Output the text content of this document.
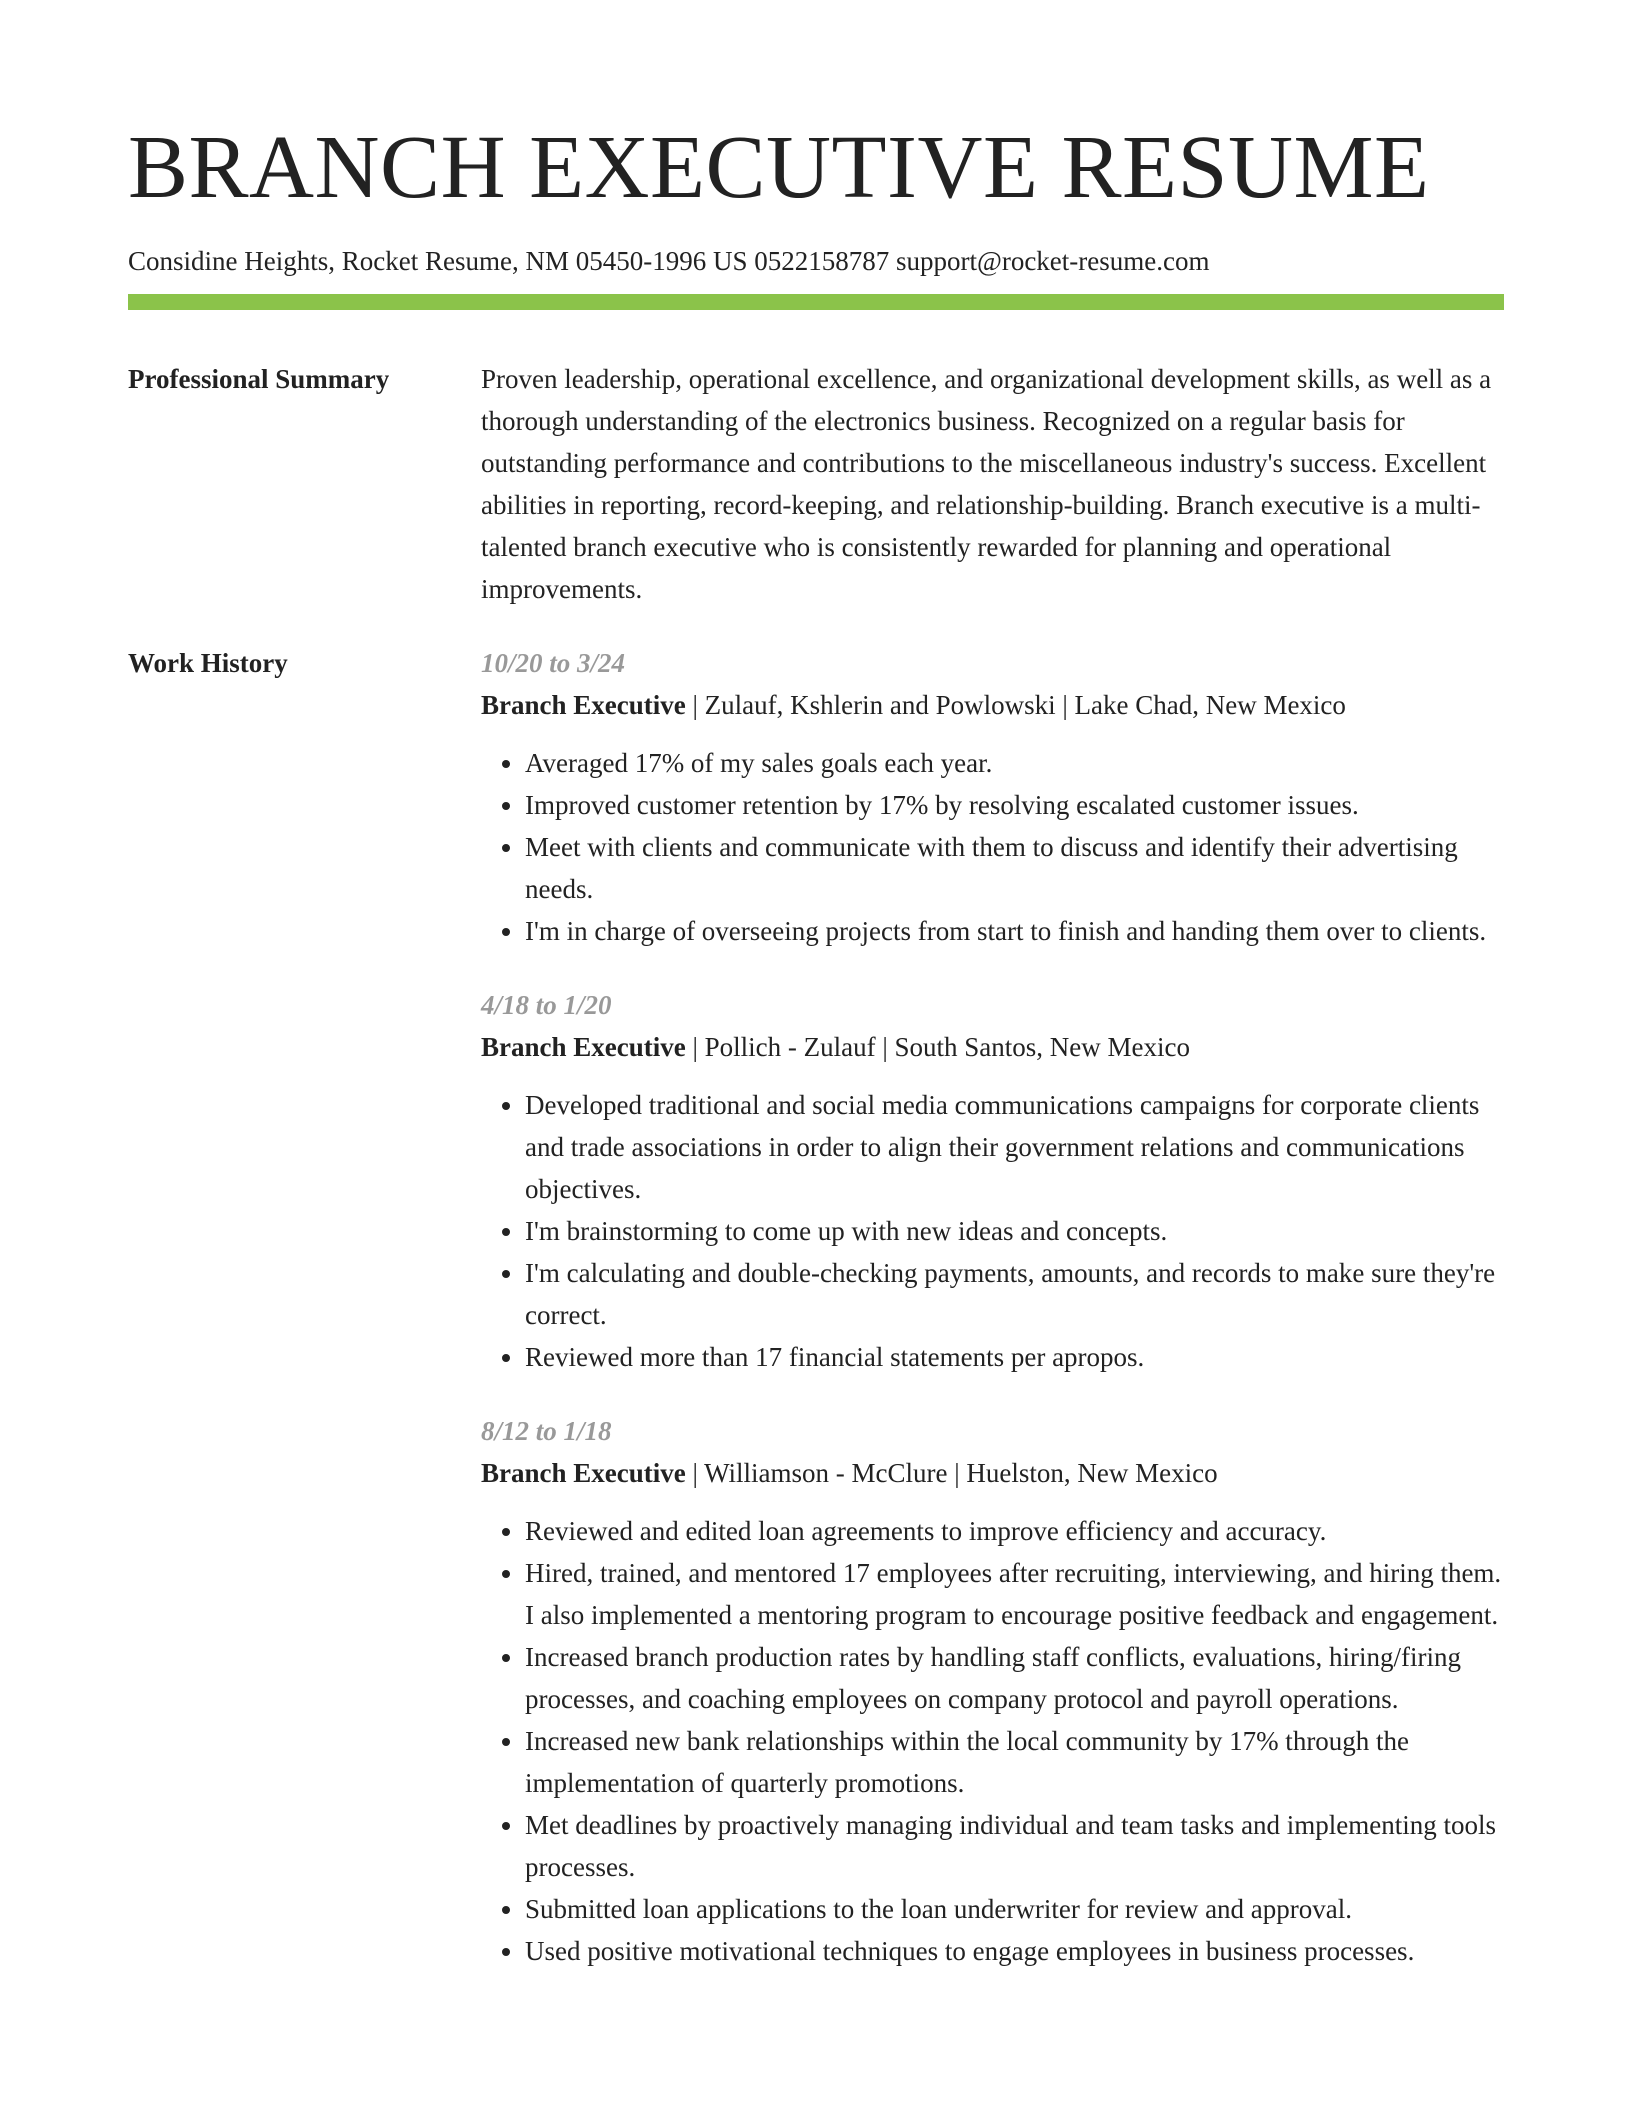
BRANCH EXECUTIVE RESUME
Considine Heights, Rocket Resume, NM 05450-1996 US 0522158787 support@rocket-resume.com
Professional Summary	Proven leadership, operational excellence, and organizational development skills, as well as a thorough understanding of the electronics business. Recognized on a regular basis for outstanding performance and contributions to the miscellaneous industry's success. Excellent abilities in reporting, record-keeping, and relationship-building. Branch executive is a multi-talented branch executive who is consistently rewarded for planning and operational improvements.

Work History	10/20 to 3/24
Branch Executive | Zulauf, Kshlerin and Powlowski | Lake Chad, New Mexico
• Averaged 17% of my sales goals each year.
• Improved customer retention by 17% by resolving escalated customer issues.
• Meet with clients and communicate with them to discuss and identify their advertising needs.
• I'm in charge of overseeing projects from start to finish and handing them over to clients.
4/18 to 1/20
Branch Executive | Pollich - Zulauf | South Santos, New Mexico
• Developed traditional and social media communications campaigns for corporate clients and trade associations in order to align their government relations and communications objectives.
• I'm brainstorming to come up with new ideas and concepts.
• I'm calculating and double-checking payments, amounts, and records to make sure they're correct.
• Reviewed more than 17 financial statements per apropos.
8/12 to 1/18
Branch Executive | Williamson - McClure | Huelston, New Mexico
• Reviewed and edited loan agreements to improve efficiency and accuracy.
• Hired, trained, and mentored 17 employees after recruiting, interviewing, and hiring them. I also implemented a mentoring program to encourage positive feedback and engagement.
• Increased branch production rates by handling staff conflicts, evaluations, hiring/firing processes, and coaching employees on company protocol and payroll operations.
• Increased new bank relationships within the local community by 17% through the implementation of quarterly promotions.
• Met deadlines by proactively managing individual and team tasks and implementing tools processes.
• Submitted loan applications to the loan underwriter for review and approval.
• Used positive motivational techniques to engage employees in business processes.
